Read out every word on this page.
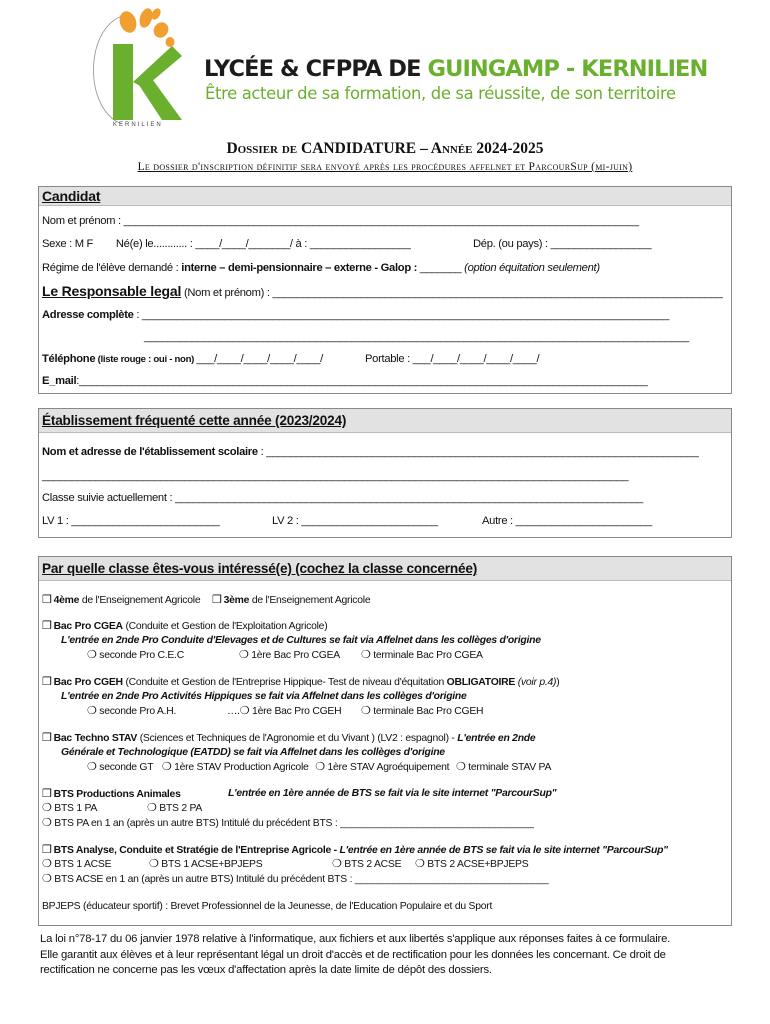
KERNILIEN
LYCÉE & CFPPA DE GUINGAMP - KERNILIEN
Être acteur de sa formation, de sa réussite, de son territoire
Dossier de CANDIDATURE – Année 2024-2025
Le dossier d'inscription définitif sera envoyé après les procédures affelnet et ParcourSup (mi-juin)
Candidat
Nom et prénom : _______________________________________________________________________________________
Sexe : M F Né(e) le............ : ____/____/_______/ à : _________________	Dép. (ou pays) : _________________
Régime de l'élève demandé : interne – demi-pensionnaire – externe - Galop : _______ (option équitation seulement)
Le Responsable legal (Nom et prénom) : ____________________________________________________________________________
Adresse complète : _________________________________________________________________________________________
____________________________________________________________________________________________
Téléphone (liste rouge : oui - non) ___/____/____/____/____/	Portable : ___/____/____/____/____/
E_mail:________________________________________________________________________________________________
Établissement fréquenté cette année (2023/2024)
Nom et adresse de l'établissement scolaire : _________________________________________________________________________
___________________________________________________________________________________________________
Classe suivie actuellement : _______________________________________________________________________________
LV 1 : _________________________	LV 2 : _______________________	Autre : _______________________
Par quelle classe êtes-vous intéressé(e) (cochez la classe concernée)
❒ 4ème de l'Enseignement Agricole ❒ 3ème de l'Enseignement Agricole
❒ Bac Pro CGEA (Conduite et Gestion de l'Exploitation Agricole)
L'entrée en 2nde Pro Conduite d'Elevages et de Cultures se fait via Affelnet dans les collèges d'origine
❍ seconde Pro C.E.C	❍ 1ère Bac Pro CGEA ❍ terminale Bac Pro CGEA
❒ Bac Pro CGEH (Conduite et Gestion de l'Entreprise Hippique- Test de niveau d'équitation OBLIGATOIRE (voir p.4))
L'entrée en 2nde Pro Activités Hippiques se fait via Affelnet dans les collèges d'origine
❍ seconde Pro A.H.	….❍ 1ère Bac Pro CGEH ❍ terminale Bac Pro CGEH
❒ Bac Techno STAV (Sciences et Techniques de l'Agronomie et du Vivant ) (LV2 : espagnol) - L'entrée en 2nde
Générale et Technologique (EATDD) se fait via Affelnet dans les collèges d'origine
❍ seconde GT ❍ 1ère STAV Production Agricole ❍ 1ère STAV Agroéquipement ❍ terminale STAV PA
❒ BTS Productions Animales	L'entrée en 1ère année de BTS se fait via le site internet "ParcourSup"
❍ BTS 1 PA	❍ BTS 2 PA
❍ BTS PA en 1 an (après un autre BTS) Intitulé du précédent BTS : ___________________________________
❒ BTS Analyse, Conduite et Stratégie de l'Entreprise Agricole - L'entrée en 1ère année de BTS se fait via le site internet "ParcourSup"
❍ BTS 1 ACSE	❍ BTS 1 ACSE+BPJEPS	❍ BTS 2 ACSE ❍ BTS 2 ACSE+BPJEPS
❍ BTS ACSE en 1 an (après un autre BTS) Intitulé du précédent BTS : ___________________________________
BPJEPS (éducateur sportif) : Brevet Professionnel de la Jeunesse, de l'Education Populaire et du Sport
La loi n°78-17 du 06 janvier 1978 relative à l'informatique, aux fichiers et aux libertés s'applique aux réponses faites à ce formulaire.
Elle garantit aux élèves et à leur représentant légal un droit d'accès et de rectification pour les données les concernant. Ce droit de
rectification ne concerne pas les vœux d'affectation après la date limite de dépôt des dossiers.
